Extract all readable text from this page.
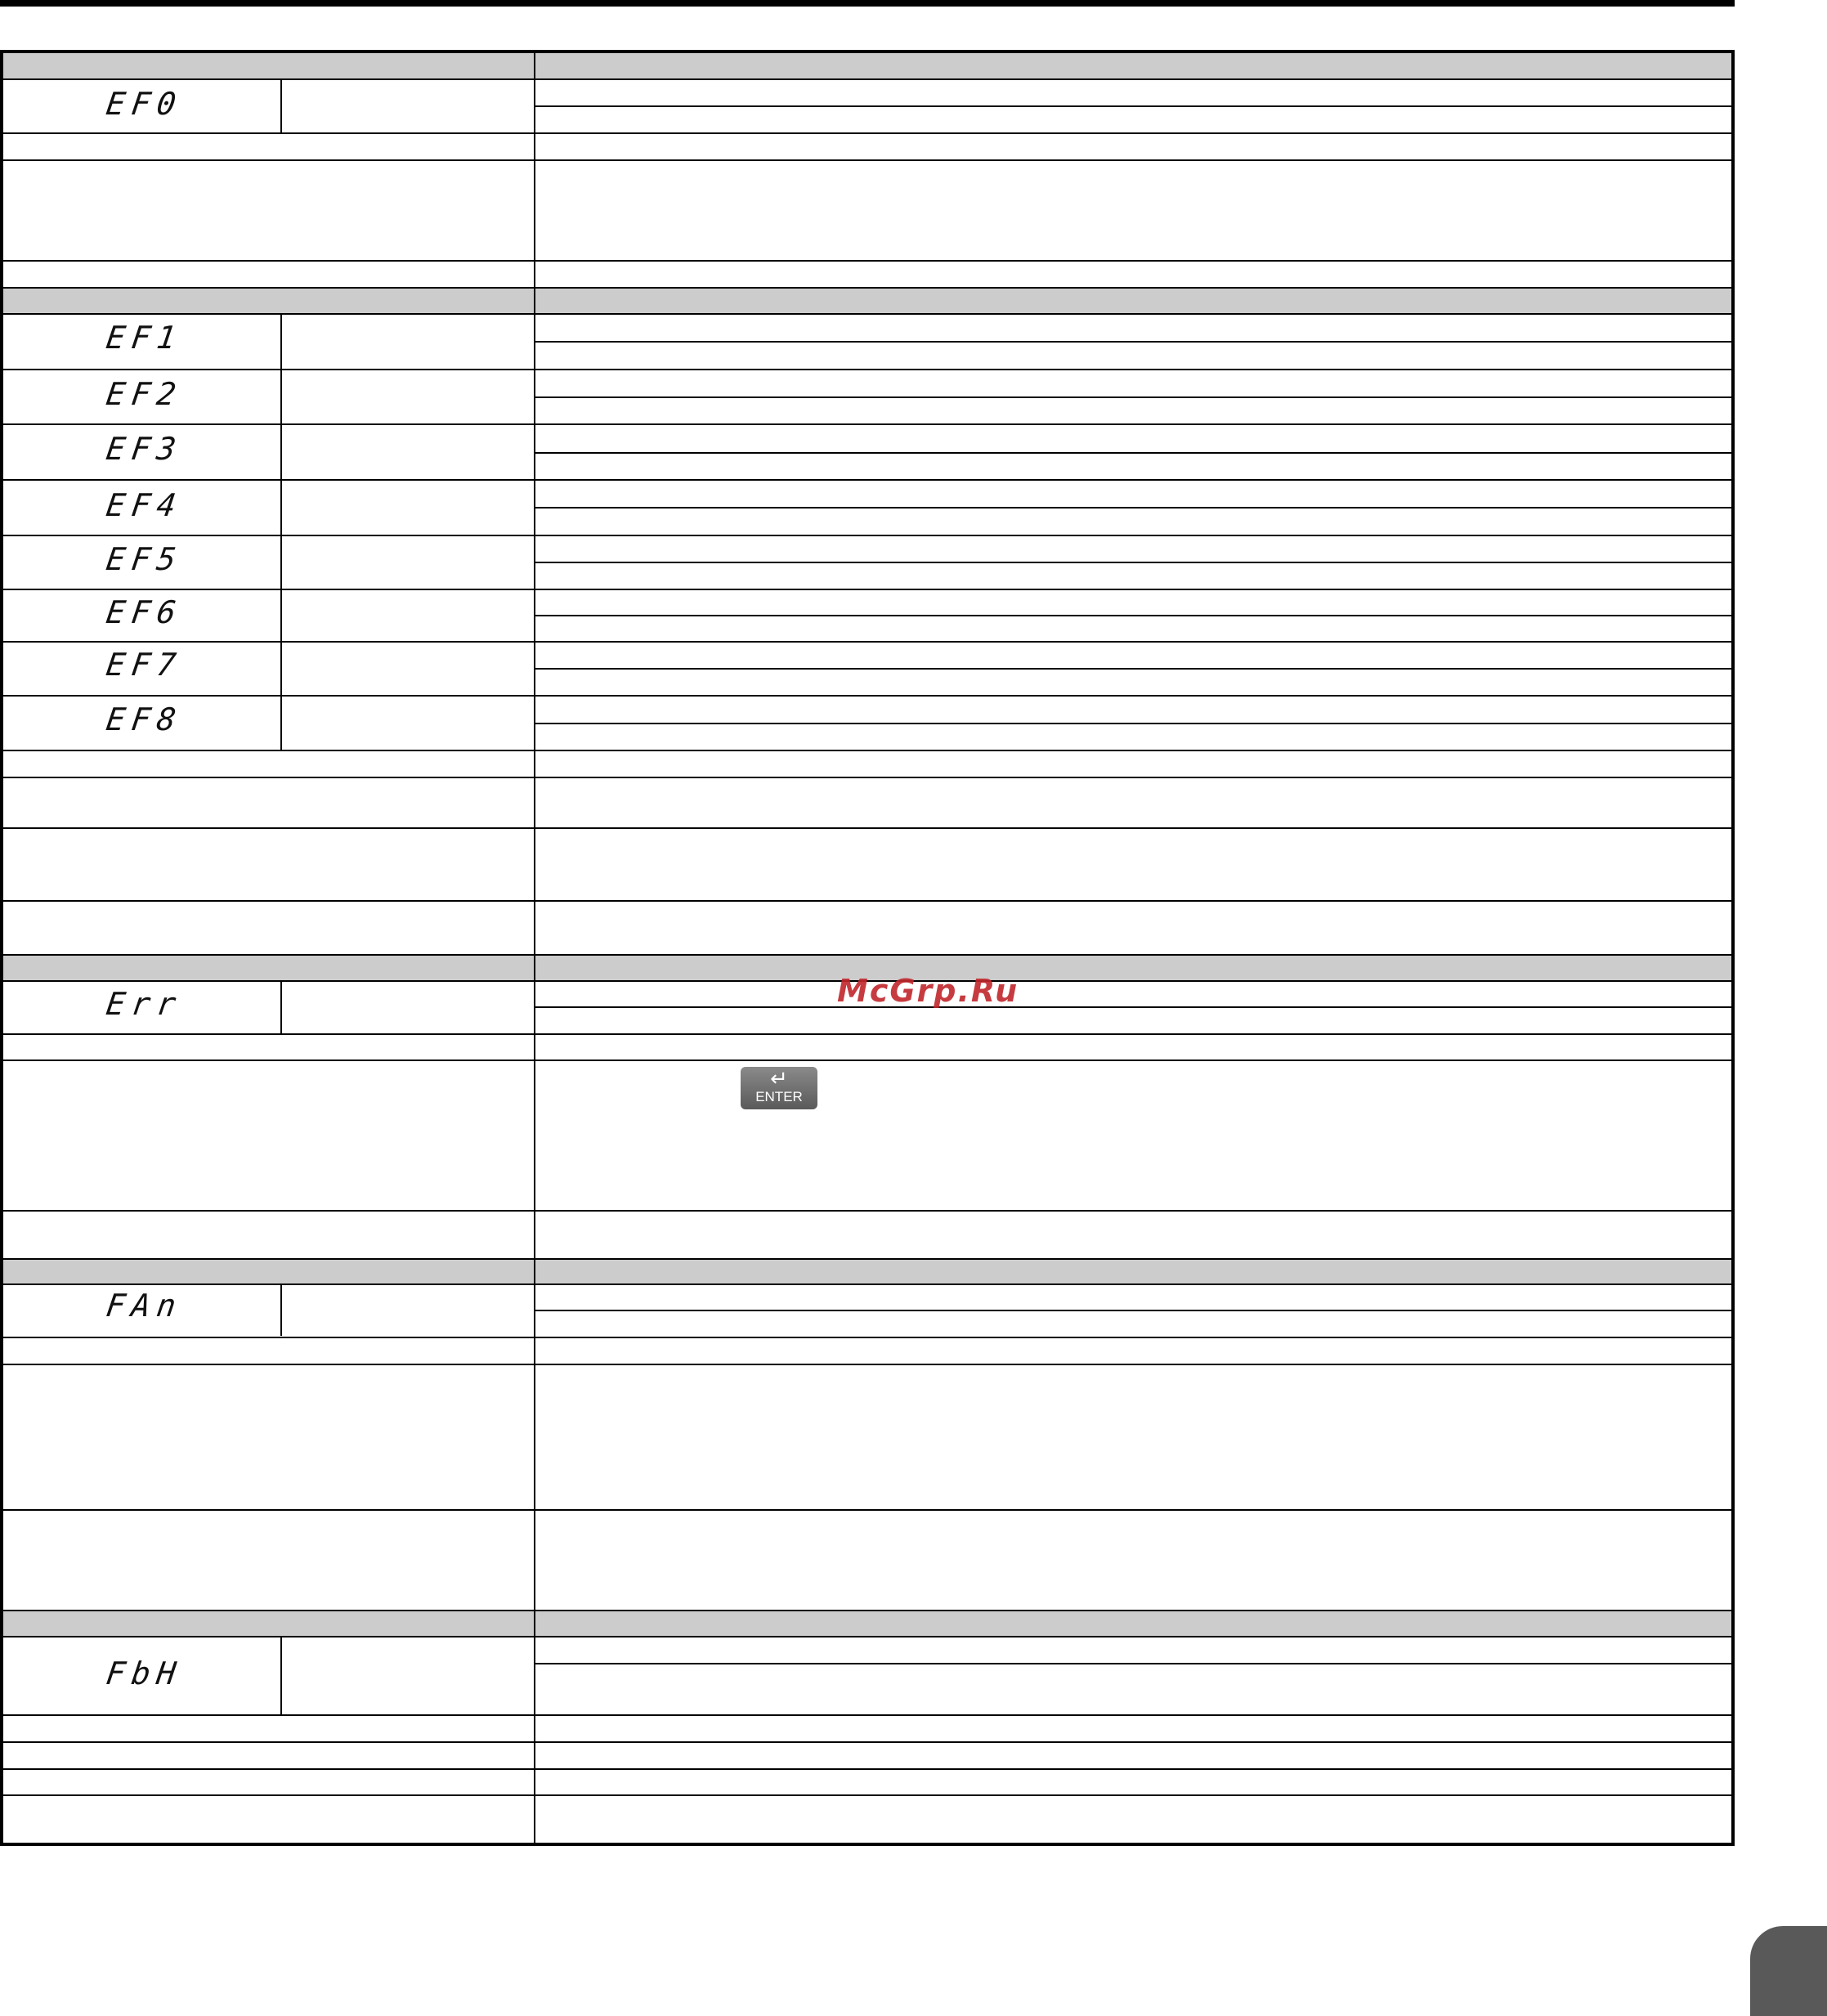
EF0
EF1
EF2
EF3
EF4
EF5
EF6
EF7
EF8
Err
FAn
FbH
McGrp.Ru
↵
ENTER
